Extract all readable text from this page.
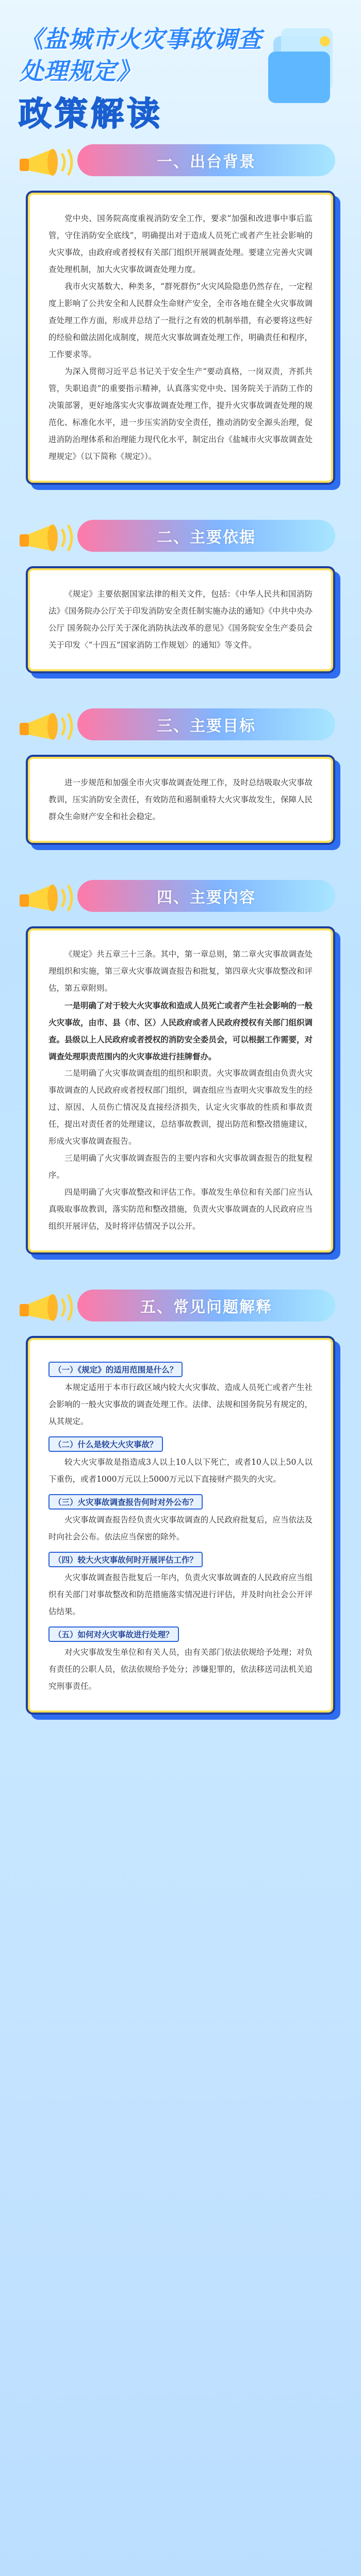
《盐城市火灾事故调查
处理规定》
政策解读
一、出台背景

党中央、国务院高度重视消防安全工作，要求“加强和改进事中事后监管，守住消防安全底线”，明确提出对于造成人员死亡或者产生社会影响的火灾事故，由政府或者授权有关部门组织开展调查处理。要建立完善火灾调查处理机制，加大火灾事故调查处理力度。

我市火灾基数大、种类多，“群死群伤”火灾风险隐患仍然存在，一定程度上影响了公共安全和人民群众生命财产安全，全市各地在健全火灾事故调查处理工作方面，形成并总结了一批行之有效的机制举措，有必要将这些好的经验和做法固化成制度，规范火灾事故调查处理工作，明确责任和程序，工作要求等。

为深入贯彻习近平总书记关于安全生产“要动真格，一岗双责，齐抓共管，失职追责”的重要指示精神，认真落实党中央、国务院关于消防工作的决策部署，更好地落实火灾事故调查处理工作，提升火灾事故调查处理的规范化、标准化水平，进一步压实消防安全责任，推动消防安全源头治理，促进消防治理体系和治理能力现代化水平，制定出台《盐城市火灾事故调查处理规定》（以下简称《规定》）。

二、主要依据

《规定》主要依据国家法律的相关文件，包括：《中华人民共和国消防法》《国务院办公厅关于印发消防安全责任制实施办法的通知》《中共中央办公厅 国务院办公厅关于深化消防执法改革的意见》《国务院安全生产委员会关于印发〈“十四五”国家消防工作规划〉的通知》等文件。

三、主要目标

进一步规范和加强全市火灾事故调查处理工作，及时总结吸取火灾事故教训，压实消防安全责任，有效防范和遏制重特大火灾事故发生，保障人民群众生命财产安全和社会稳定。

四、主要内容

《规定》共五章三十三条。其中，第一章总则，第二章火灾事故调查处理组织和实施，第三章火灾事故调查报告和批复，第四章火灾事故整改和评估，第五章附则。

一是明确了对于较大火灾事故和造成人员死亡或者产生社会影响的一般火灾事故，由市、县（市、区）人民政府或者人民政府授权有关部门组织调查。县级以上人民政府或者授权的消防安全委员会，可以根据工作需要，对调查处理职责范围内的火灾事故进行挂牌督办。

二是明确了火灾事故调查组的组织和职责。火灾事故调查组由负责火灾事故调查的人民政府或者授权部门组织，调查组应当查明火灾事故发生的经过、原因、人员伤亡情况及直接经济损失，认定火灾事故的性质和事故责任，提出对责任者的处理建议，总结事故教训，提出防范和整改措施建议，形成火灾事故调查报告。

三是明确了火灾事故调查报告的主要内容和火灾事故调查报告的批复程序。

四是明确了火灾事故整改和评估工作。事故发生单位和有关部门应当认真吸取事故教训，落实防范和整改措施，负责火灾事故调查的人民政府应当组织开展评估，及时将评估情况予以公开。

五、常见问题解释
（一）《规定》的适用范围是什么？

本规定适用于本市行政区域内较大火灾事故、造成人员死亡或者产生社会影响的一般火灾事故的调查处理工作。法律、法规和国务院另有规定的，从其规定。

（二）什么是较大火灾事故？

较大火灾事故是指造成3人以上10人以下死亡，或者10人以上50人以下重伤，或者1000万元以上5000万元以下直接财产损失的火灾。

（三）火灾事故调查报告何时对外公布？

火灾事故调查报告经负责火灾事故调查的人民政府批复后，应当依法及时向社会公布。依法应当保密的除外。

（四）较大火灾事故何时开展评估工作？

火灾事故调查报告批复后一年内，负责火灾事故调查的人民政府应当组织有关部门对事故整改和防范措施落实情况进行评估，并及时向社会公开评估结果。

（五）如何对火灾事故进行处理？

对火灾事故发生单位和有关人员，由有关部门依法依规给予处理；对负有责任的公职人员，依法依规给予处分；涉嫌犯罪的，依法移送司法机关追究刑事责任。
